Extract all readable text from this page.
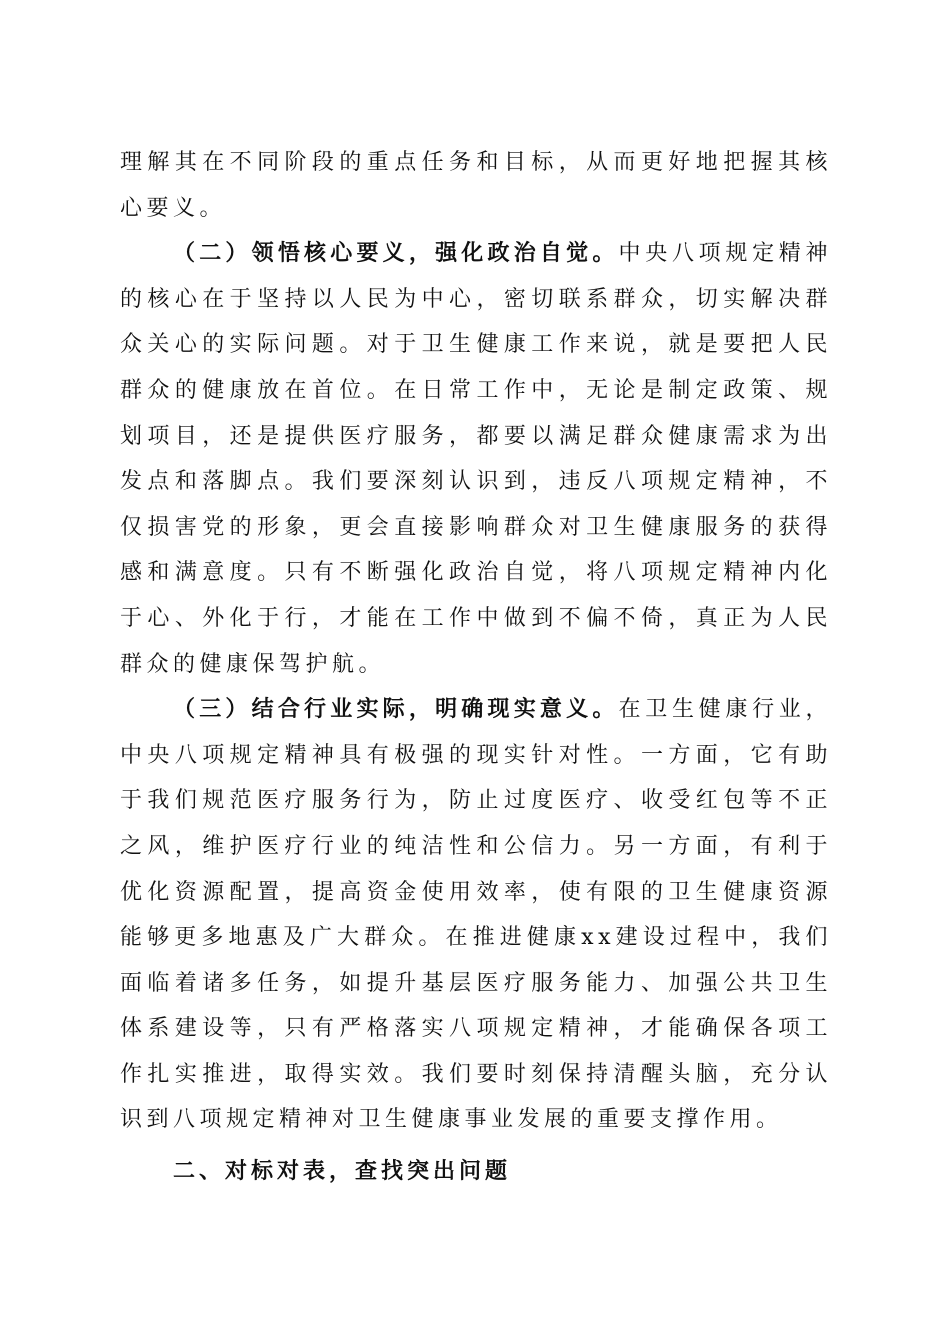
理解其在不同阶段的重点任务和目标，从而更好地把握其核心要义。

（二）领悟核心要义，强化政治自觉。中央八项规定精神的核心在于坚持以人民为中心，密切联系群众，切实解决群众关心的实际问题。对于卫生健康工作来说，就是要把人民群众的健康放在首位。在日常工作中，无论是制定政策、规划项目，还是提供医疗服务，都要以满足群众健康需求为出发点和落脚点。我们要深刻认识到，违反八项规定精神，不仅损害党的形象，更会直接影响群众对卫生健康服务的获得感和满意度。只有不断强化政治自觉，将八项规定精神内化于心、外化于行，才能在工作中做到不偏不倚，真正为人民群众的健康保驾护航。

（三）结合行业实际，明确现实意义。在卫生健康行业，中央八项规定精神具有极强的现实针对性。一方面，它有助于我们规范医疗服务行为，防止过度医疗、收受红包等不正之风，维护医疗行业的纯洁性和公信力。另一方面，有利于优化资源配置，提高资金使用效率，使有限的卫生健康资源能够更多地惠及广大群众。在推进健康xx建设过程中，我们面临着诸多任务，如提升基层医疗服务能力、加强公共卫生体系建设等，只有严格落实八项规定精神，才能确保各项工作扎实推进，取得实效。我们要时刻保持清醒头脑，充分认识到八项规定精神对卫生健康事业发展的重要支撑作用。

二、对标对表，查找突出问题
